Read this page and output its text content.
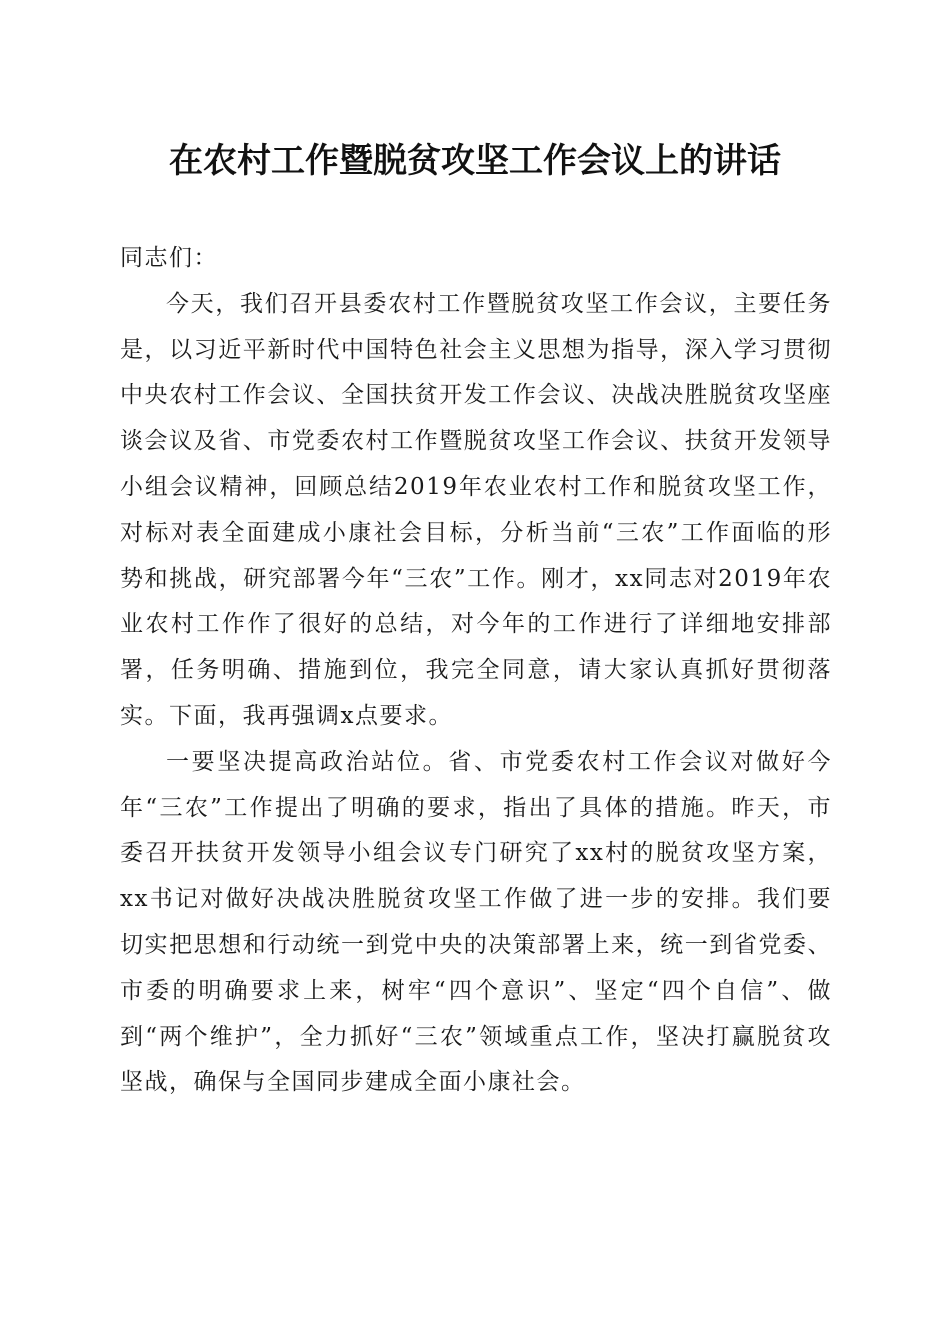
在农村工作暨脱贫攻坚工作会议上的讲话

同志们：

今天，我们召开县委农村工作暨脱贫攻坚工作会议，主要任务是，以习近平新时代中国特色社会主义思想为指导，深入学习贯彻中央农村工作会议、全国扶贫开发工作会议、决战决胜脱贫攻坚座谈会议及省、市党委农村工作暨脱贫攻坚工作会议、扶贫开发领导小组会议精神，回顾总结2019年农业农村工作和脱贫攻坚工作，对标对表全面建成小康社会目标，分析当前“三农”工作面临的形势和挑战，研究部署今年“三农”工作。刚才，xx同志对2019年农业农村工作作了很好的总结，对今年的工作进行了详细地安排部署，任务明确、措施到位，我完全同意，请大家认真抓好贯彻落实。下面，我再强调x点要求。

一要坚决提高政治站位。省、市党委农村工作会议对做好今年“三农”工作提出了明确的要求，指出了具体的措施。昨天，市委召开扶贫开发领导小组会议专门研究了xx村的脱贫攻坚方案，xx书记对做好决战决胜脱贫攻坚工作做了进一步的安排。我们要切实把思想和行动统一到党中央的决策部署上来，统一到省党委、市委的明确要求上来，树牢“四个意识”、坚定“四个自信”、做到“两个维护”，全力抓好“三农”领域重点工作，坚决打赢脱贫攻坚战，确保与全国同步建成全面小康社会。
